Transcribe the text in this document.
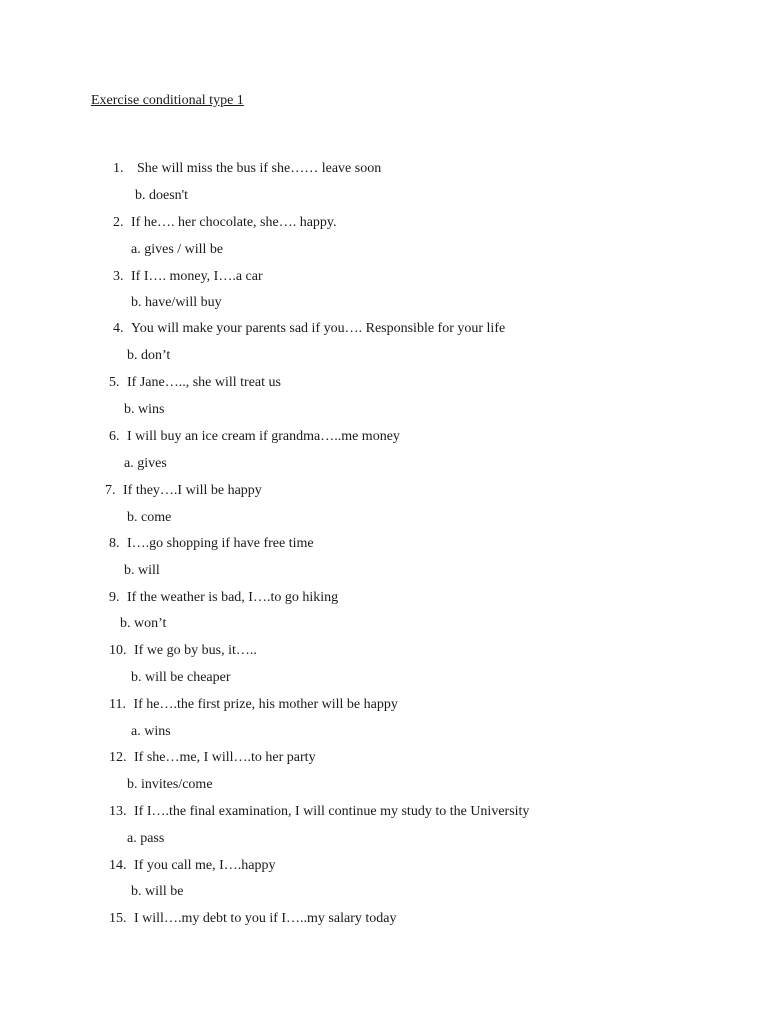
Exercise conditional type 1
1. She will miss the bus if she…… leave soon
b. doesn't
2. If he…. her chocolate, she…. happy.
a. gives / will be
3. If I…. money, I….a car
b. have/will buy
4. You will make your parents sad if you…. Responsible for your life
b. don’t
5. If Jane….., she will treat us
b. wins
6. I will buy an ice cream if grandma…..me money
a. gives
7. If they….I will be happy
b. come
8. I….go shopping if have free time
b. will
9. If the weather is bad, I….to go hiking
b. won’t
10. If we go by bus, it…..
b. will be cheaper
11. If he….the first prize, his mother will be happy
a. wins
12. If she…me, I will….to her party
b. invites/come
13. If I….the final examination, I will continue my study to the University
a. pass
14. If you call me, I….happy
b. will be
15. I will….my debt to you if I…..my salary today
